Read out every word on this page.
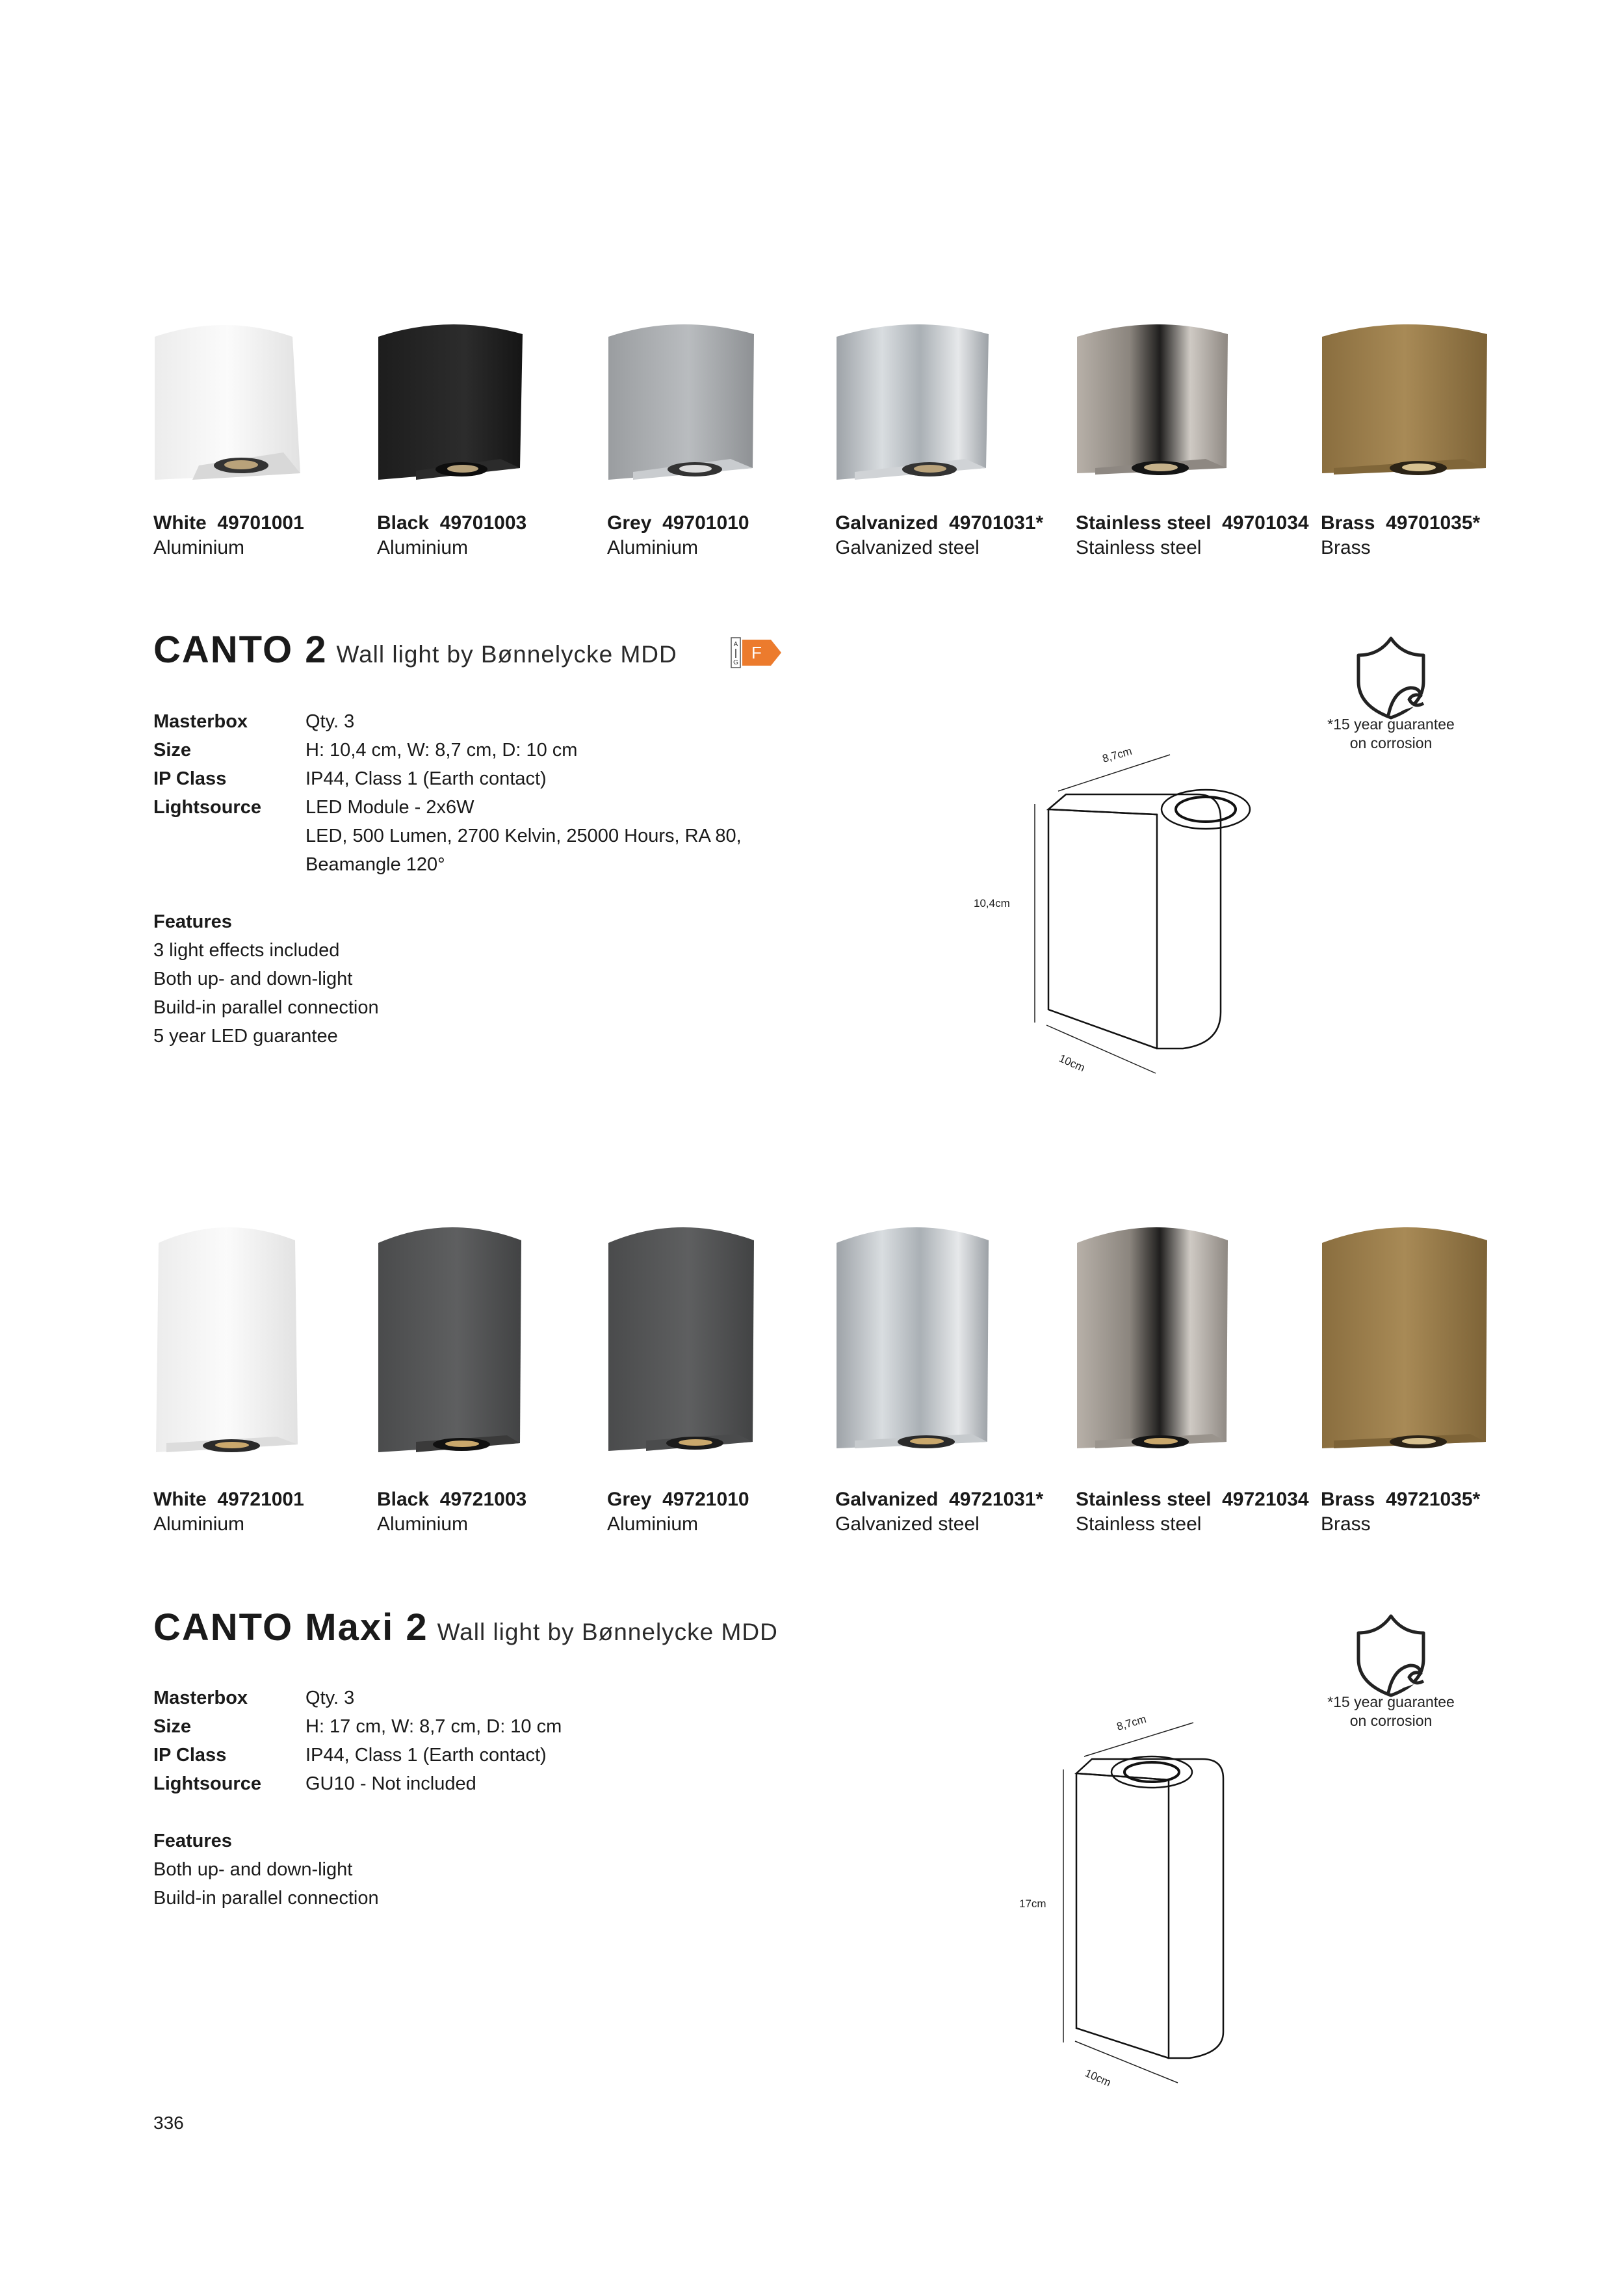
White 49701001
Aluminium
Black 49701003
Aluminium
Grey 49701010
Aluminium
Galvanized 49701031*
Galvanized steel
Stainless steel 49701034
Stainless steel
Brass 49701035*
Brass
CANTO 2 Wall light by Bønnelycke MDD	A
G
F
Masterbox	Qty. 3
Size	H: 10,4 cm, W: 8,7 cm, D: 10 cm
IP Class	IP44, Class 1 (Earth contact)
Lightsource LED Module - 2x6W
LED, 500 Lumen, 2700 Kelvin, 25000 Hours, RA 80,
Beamangle 120°
Features
3 light effects included
Both up- and down-light
Build-in parallel connection
5 year LED guarantee
*15 year guarantee
on corrosion
8,7cm
10,4cm
10cm
White 49721001
Aluminium
Black 49721003
Aluminium
Grey 49721010
Aluminium
Galvanized 49721031*
Galvanized steel
Stainless steel 49721034
Stainless steel
Brass 49721035*
Brass
CANTO Maxi 2 Wall light by Bønnelycke MDD
Masterbox	Qty. 3
Size	H: 17 cm, W: 8,7 cm, D: 10 cm
IP Class	IP44, Class 1 (Earth contact)
Lightsource GU10 - Not included
Features
Both up- and down-light
Build-in parallel connection
*15 year guarantee
on corrosion
8,7cm
17cm
10cm
336
